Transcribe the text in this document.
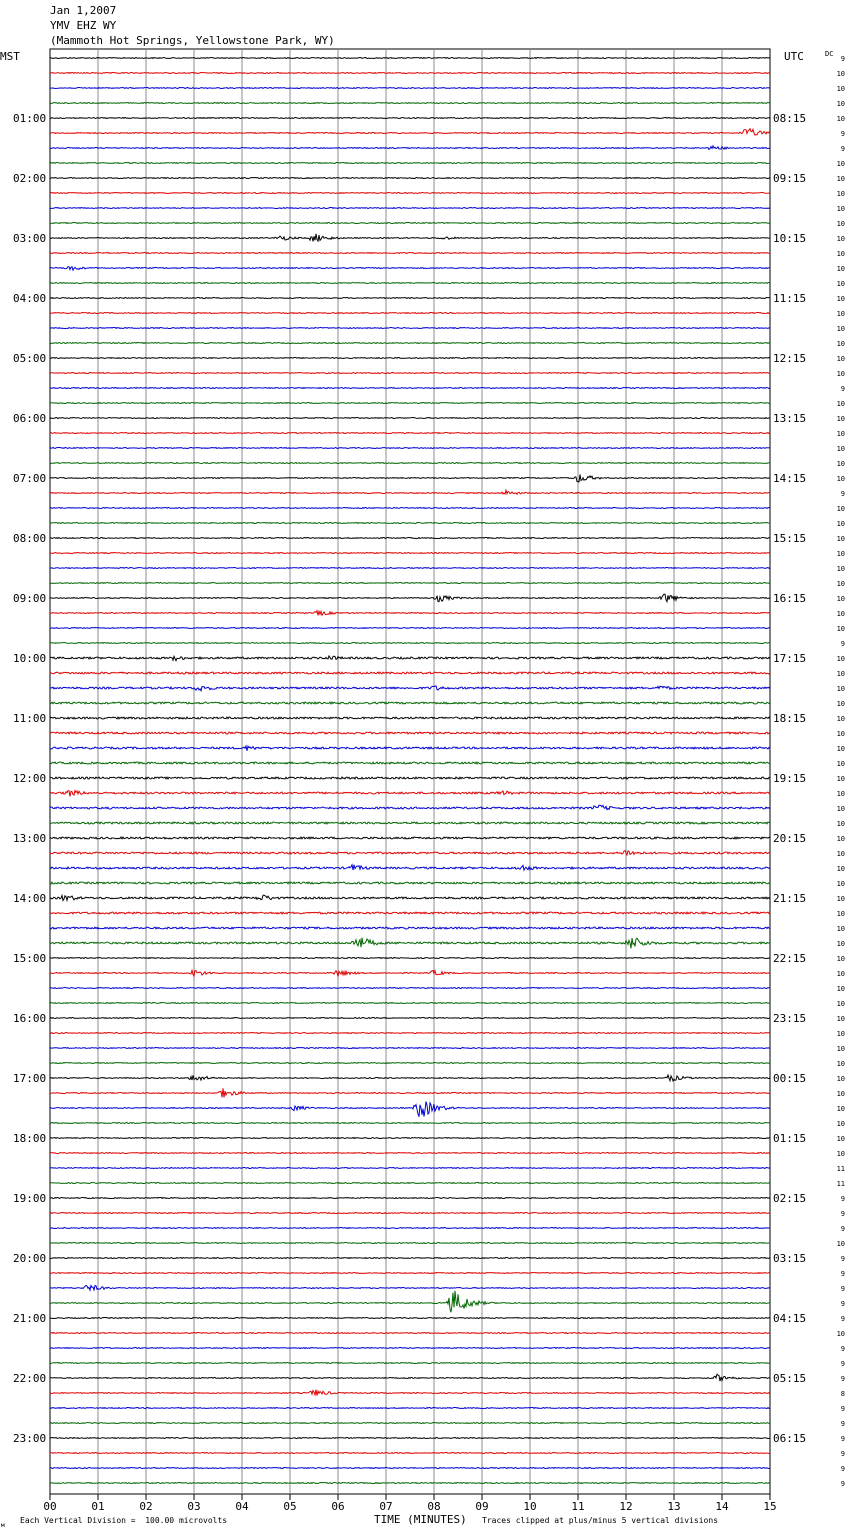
Jan 1,2007
YMV EHZ WY
(Mammoth Hot Springs, Yellowstone Park, WY)
MST	UTC	DC
м
01:00
02:00
03:00
04:00
05:00
06:00
07:00
08:00
09:00
10:00
11:00
12:00
13:00
14:00
15:00
16:00
17:00
18:00
19:00
20:00
21:00
22:00
23:00
08:15
09:15
10:15
11:15
12:15
13:15
14:15
15:15
16:15
17:15
18:15
19:15
20:15
21:15
22:15
23:15
00:15
01:15
02:15
03:15
04:15
05:15
06:15
9
10
10
10
10
9
9
10
10
10
10
10
10
10
10
10
10
10
10
10
10
10
9
10
10
10
10
10
10
9
10
10
10
10
10
10
10
10
10
9
10
10
10
10
10
10
10
10
10
10
10
10
10
10
10
10
10
10
10
10
10
10
10
10
10
10
10
10
10
10
10
10
10
10
11
11
9
9
9
10
9
9
9
9
9
10
9
9
9
8
9
9
9
9
9
9
00	01	02	03	04	05	06	07	08	09	10	11	12	13	14	15
Each Vertical Division =  100.00 microvolts	TIME (MINUTES) Traces clipped at plus/minus 5 vertical divisions
